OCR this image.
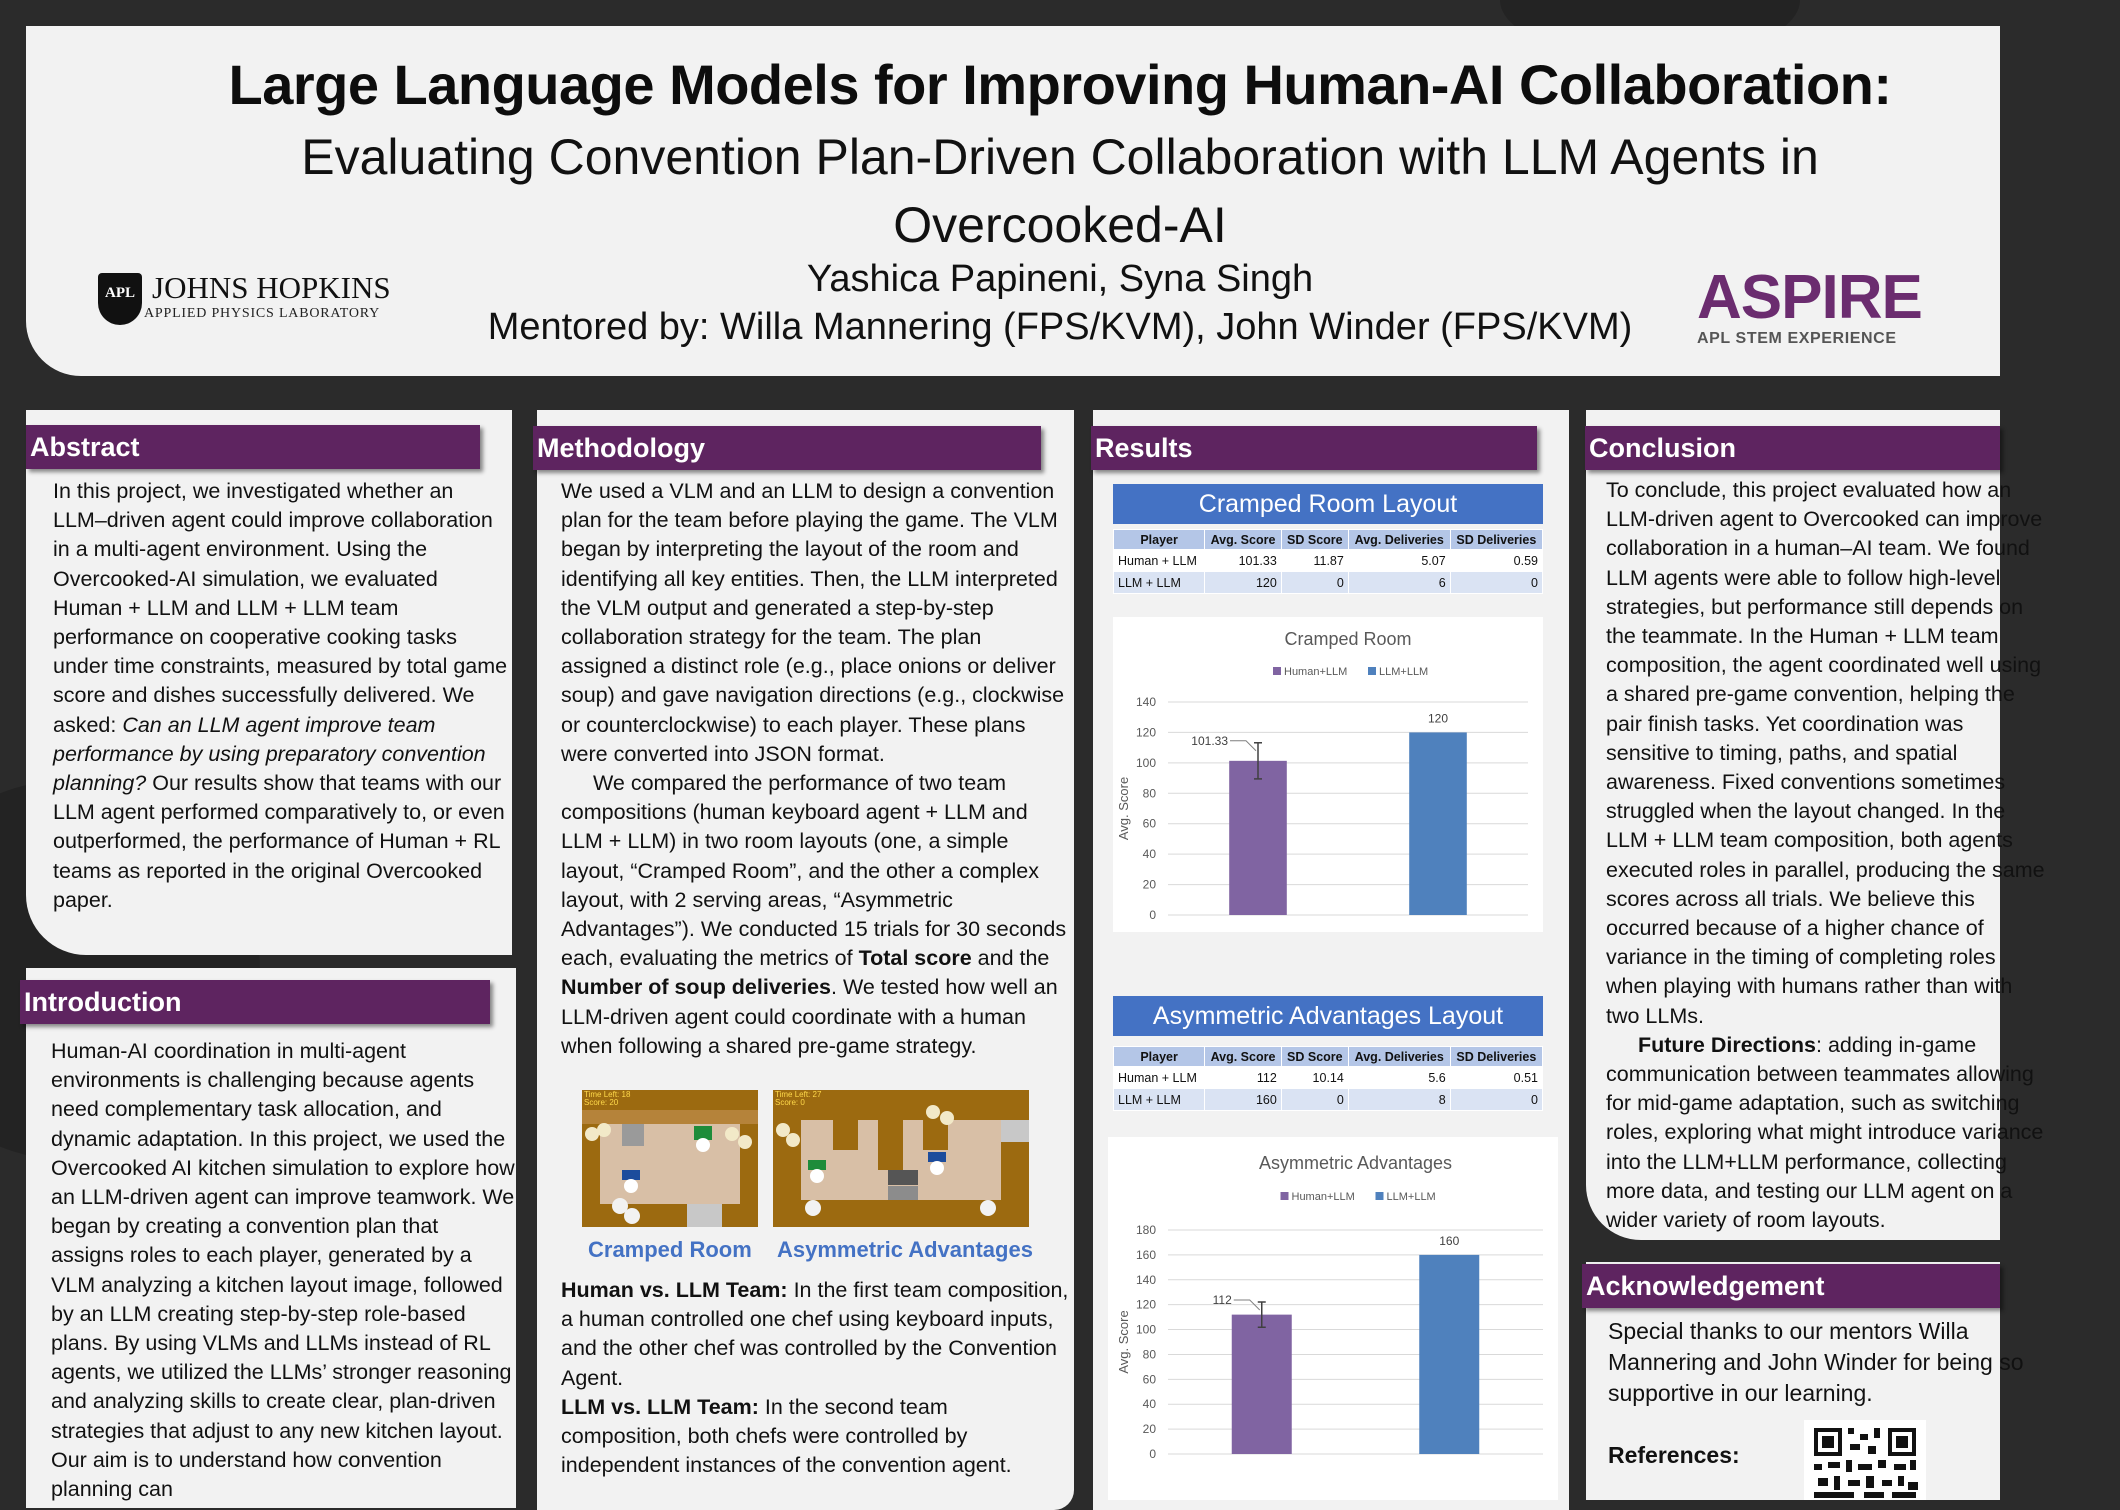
Large Language Models for Improving Human-AI Collaboration:
Evaluating Convention Plan-Driven Collaboration with LLM Agents in Overcooked-AI
Yashica Papineni, Syna Singh
Mentored by: Willa Mannering (FPS/KVM), John Winder (FPS/KVM)
APL JOHNS HOPKINS
APPLIED PHYSICS LABORATORY	ASPIRE
APL STEM EXPERIENCE
Abstract
In this project, we investigated whether an LLM–driven agent could improve collaboration in a multi-agent environment. Using the Overcooked-AI simulation, we evaluated Human + LLM and LLM + LLM team performance on cooperative cooking tasks under time constraints, measured by total game score and dishes successfully delivered. We asked: Can an LLM agent improve team performance by using preparatory convention planning? Our results show that teams with our LLM agent performed comparatively to, or even outperformed, the performance of Human + RL teams as reported in the original Overcooked paper.
Introduction
Human-AI coordination in multi-agent environments is challenging because agents need complementary task allocation, and dynamic adaptation. In this project, we used the Overcooked AI kitchen simulation to explore how an LLM-driven agent can improve teamwork. We began by creating a convention plan that assigns roles to each player, generated by a VLM analyzing a kitchen layout image, followed by an LLM creating step-by-step role-based plans. By using VLMs and LLMs instead of RL agents, we utilized the LLMs’ stronger reasoning and analyzing skills to create clear, plan-driven strategies that adjust to any new kitchen layout. Our aim is to understand how convention planning can
Methodology

We used a VLM and an LLM to design a convention plan for the team before playing the game. The VLM began by interpreting the layout of the room and identifying all key entities. Then, the LLM interpreted the VLM output and generated a step-by-step collaboration strategy for the team. The plan assigned a distinct role (e.g., place onions or deliver soup) and gave navigation directions (e.g., clockwise or counterclockwise) to each player. These plans were converted into JSON format.

We compared the performance of two team compositions (human keyboard agent + LLM and LLM + LLM) in two room layouts (one, a simple layout, “Cramped Room”, and the other a complex layout, with 2 serving areas, “Asymmetric Advantages”). We conducted 15 trials for 30 seconds each, evaluating the metrics of Total score and the Number of soup deliveries. We tested how well an LLM-driven agent could coordinate with a human when following a shared pre-game strategy.

Time Left: 18
Score: 20
Cramped Room
Time Left: 27
Score: 0
Asymmetric Advantages

Human vs. LLM Team: In the first team composition, a human controlled one chef using keyboard inputs, and the other chef was controlled by the Convention Agent.

LLM vs. LLM Team: In the second team composition, both chefs were controlled by independent instances of the convention agent.

Results
Cramped Room Layout
Player	Avg. Score	SD Score	Avg. Deliveries	SD Deliveries
Human + LLM	101.33	11.87	5.07	0.59
LLM + LLM	120	0	6	0
Cramped Room
Human+LLM	LLM+LLM
0
20
40
60
80
100
120
140
Avg. Score
101.33
120
Asymmetric Advantages Layout
Player	Avg. Score	SD Score	Avg. Deliveries	SD Deliveries
Human + LLM	112	10.14	5.6	0.51
LLM + LLM	160	0	8	0
Asymmetric Advantages
Human+LLM	LLM+LLM
0
20
40
60
80
100
120
140
160
180
Avg. Score
112
160
Conclusion

To conclude, this project evaluated how an LLM-driven agent to Overcooked can improve collaboration in a human–AI team. We found LLM agents were able to follow high-level strategies, but performance still depends on the teammate. In the Human + LLM team composition, the agent coordinated well using a shared pre-game convention, helping the pair finish tasks. Yet coordination was sensitive to timing, paths, and spatial awareness. Fixed conventions sometimes struggled when the layout changed. In the LLM + LLM team composition, both agents executed roles in parallel, producing the same scores across all trials. We believe this occurred because of a higher chance of variance in the timing of completing roles when playing with humans rather than with two LLMs.

Future Directions: adding in-game communication between teammates allowing for mid-game adaptation, such as switching roles, exploring what might introduce variance into the LLM+LLM performance, collecting more data, and testing our LLM agent on a wider variety of room layouts.

Acknowledgement
Special thanks to our mentors Willa Mannering and John Winder for being so supportive in our learning.
References:
